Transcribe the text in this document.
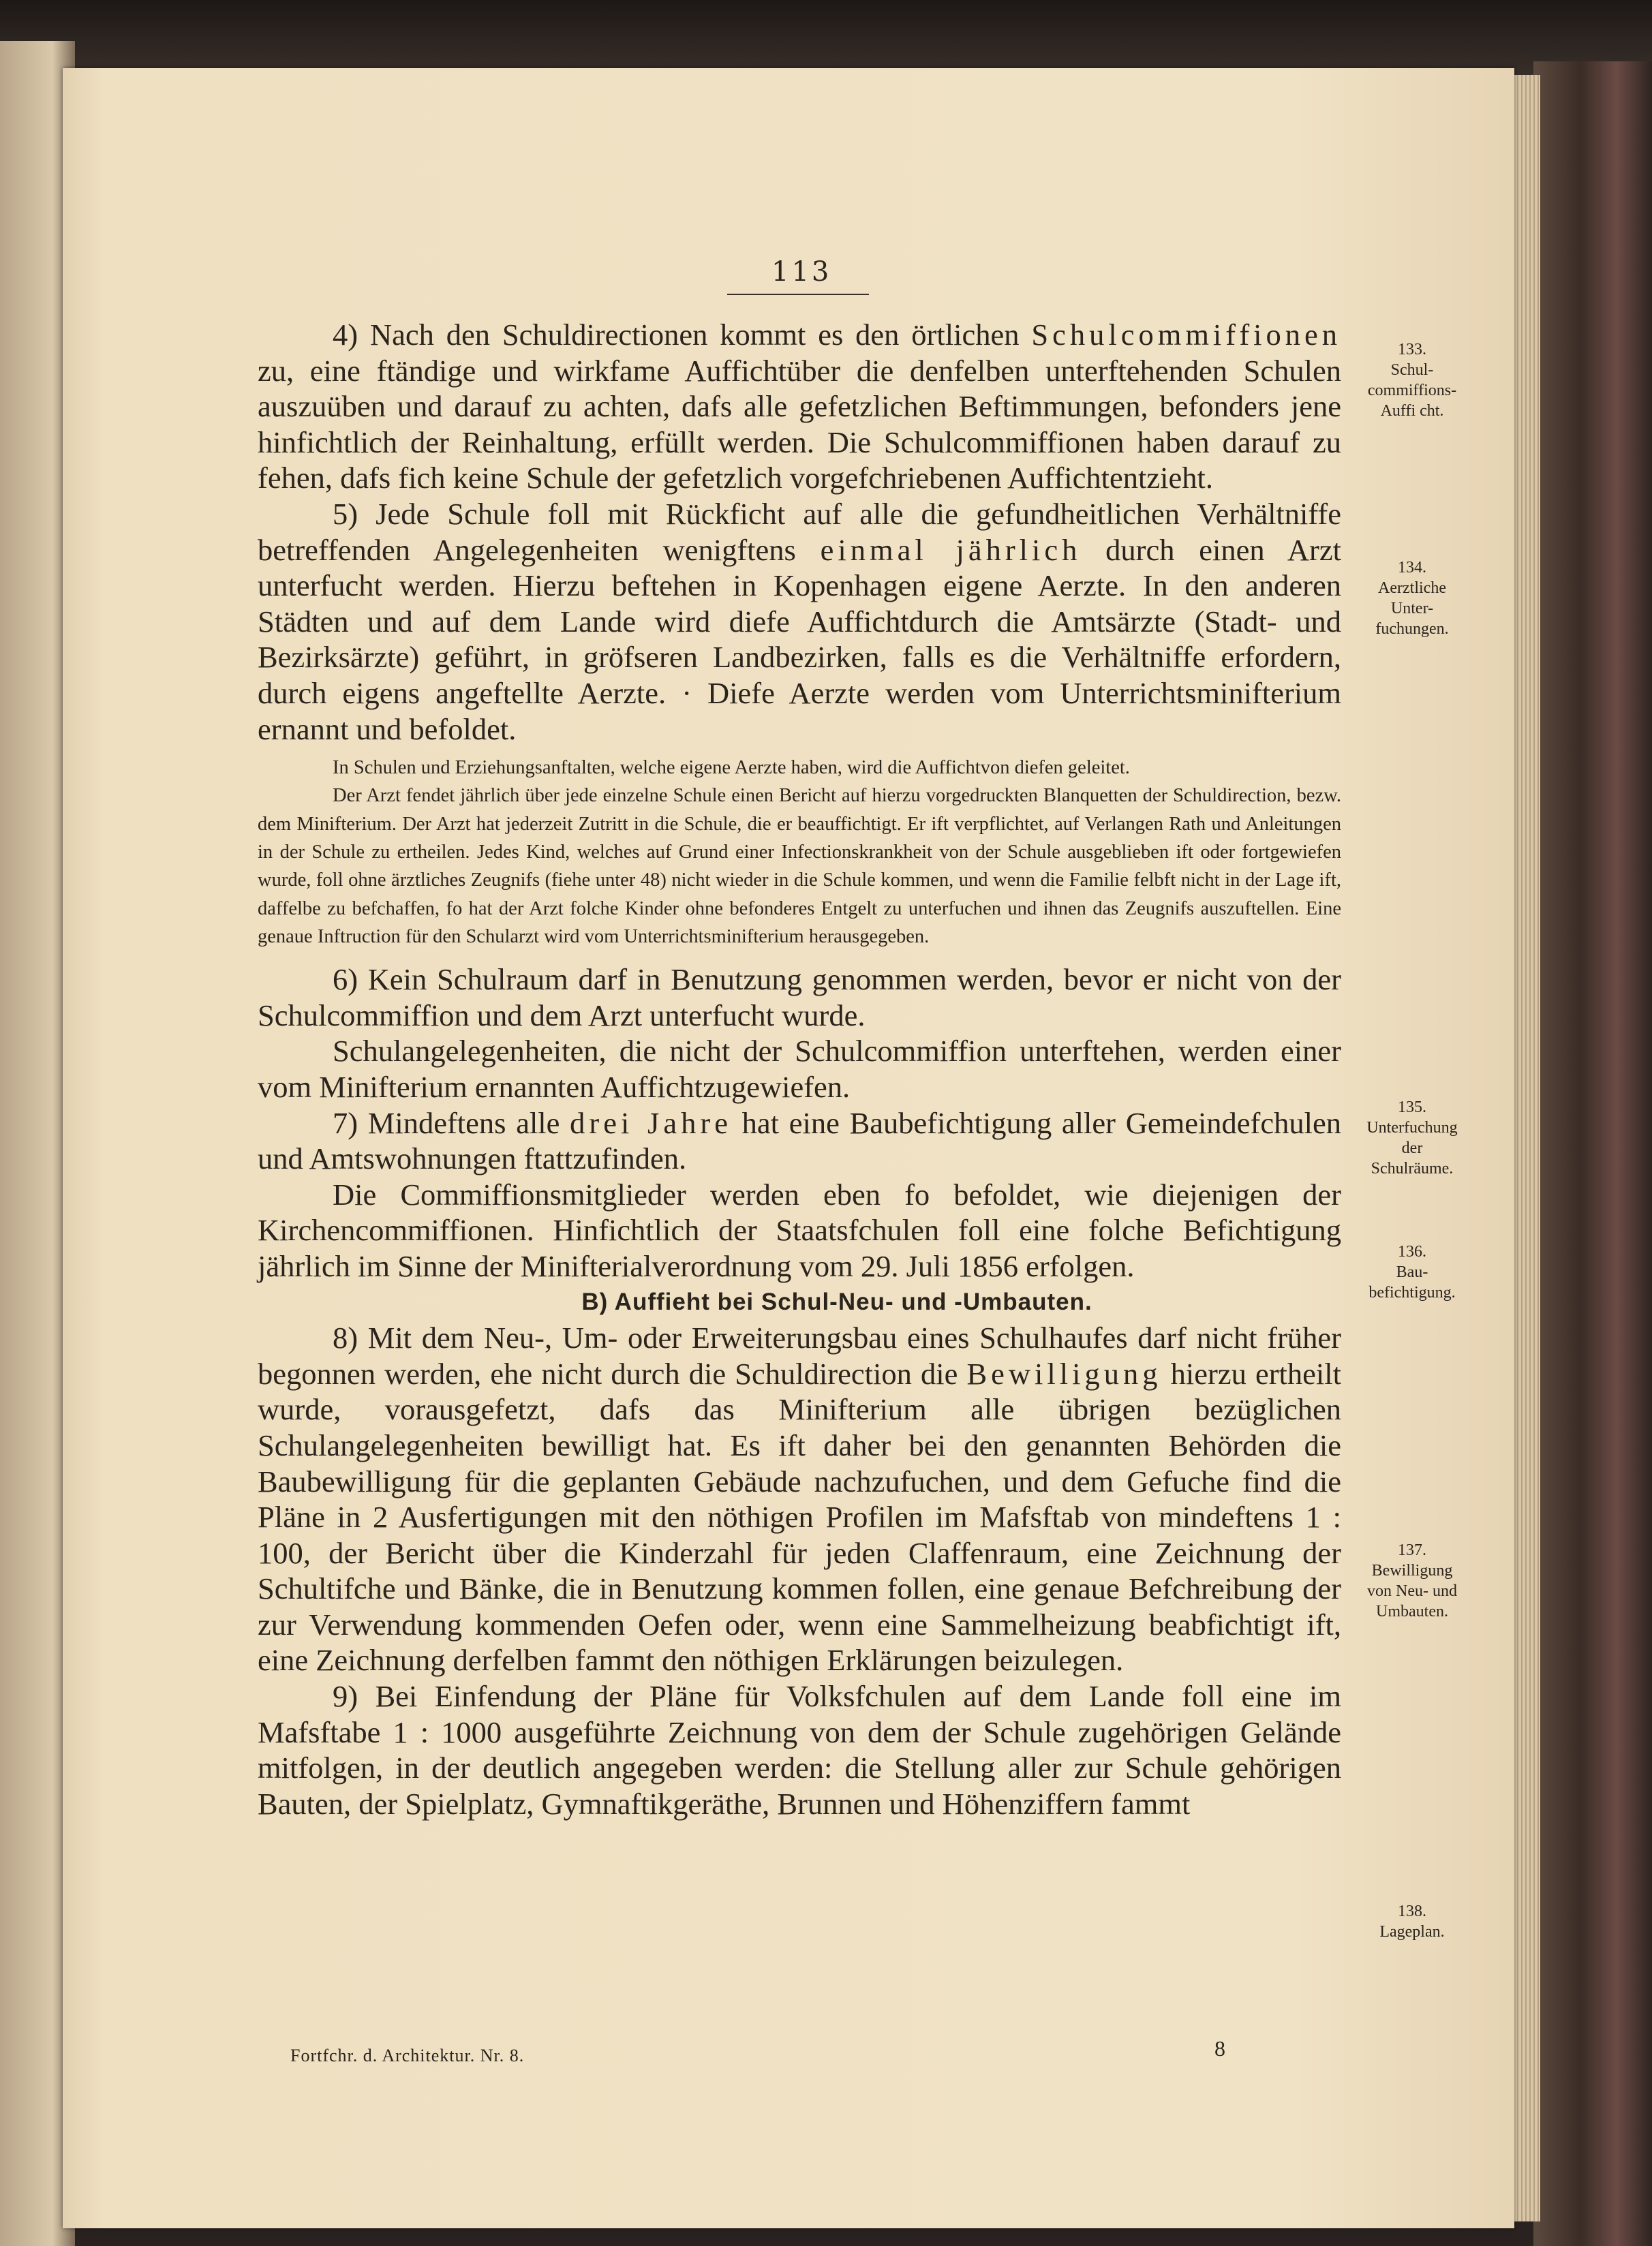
113

4) Nach den Schuldirectionen kommt es den örtlichen Schulcommiffionen zu, eine ftändige und wirkfame Auffichtüber die denfelben unterftehenden Schulen auszuüben und darauf zu achten, dafs alle gefetzlichen Beftimmungen, befonders jene hinfichtlich der Reinhaltung, erfüllt werden. Die Schulcommiffionen haben darauf zu fehen, dafs fich keine Schule der gefetzlich vorgefchriebenen Auffichtentzieht.

5) Jede Schule foll mit Rückficht auf alle die gefundheitlichen Verhältniffe betreffenden Angelegenheiten wenigftens einmal jährlich durch einen Arzt unterfucht werden. Hierzu beftehen in Kopenhagen eigene Aerzte. In den anderen Städten und auf dem Lande wird diefe Auffichtdurch die Amtsärzte (Stadt- und Bezirksärzte) geführt, in gröfseren Landbezirken, falls es die Verhältniffe erfordern, durch eigens angeftellte Aerzte. · Diefe Aerzte werden vom Unterrichtsminifterium ernannt und befoldet.

In Schulen und Erziehungsanftalten, welche eigene Aerzte haben, wird die Auffichtvon diefen geleitet.

Der Arzt fendet jährlich über jede einzelne Schule einen Bericht auf hierzu vorgedruckten Blanquetten der Schuldirection, bezw. dem Minifterium. Der Arzt hat jederzeit Zutritt in die Schule, die er beauffichtigt. Er ift verpflichtet, auf Verlangen Rath und Anleitungen in der Schule zu ertheilen. Jedes Kind, welches auf Grund einer Infectionskrankheit von der Schule ausgeblieben ift oder fortgewiefen wurde, foll ohne ärztliches Zeugnifs (fiehe unter 48) nicht wieder in die Schule kommen, und wenn die Familie felbft nicht in der Lage ift, daffelbe zu befchaffen, fo hat der Arzt folche Kinder ohne befonderes Entgelt zu unterfuchen und ihnen das Zeugnifs auszuftellen. Eine genaue Inftruction für den Schularzt wird vom Unterrichtsminifterium herausgegeben.

6) Kein Schulraum darf in Benutzung genommen werden, bevor er nicht von der Schulcommiffion und dem Arzt unterfucht wurde.

Schulangelegenheiten, die nicht der Schulcommiffion unterftehen, werden einer vom Minifterium ernannten Auffichtzugewiefen.

7) Mindeftens alle drei Jahre hat eine Baubefichtigung aller Gemeindefchulen und Amtswohnungen ftattzufinden.

Die Commiffionsmitglieder werden eben fo befoldet, wie diejenigen der Kirchencommiffionen. Hinfichtlich der Staatsfchulen foll eine folche Befichtigung jährlich im Sinne der Minifterialverordnung vom 29. Juli 1856 erfolgen.

B) Auffieht bei Schul-Neu- und -Umbauten.

8) Mit dem Neu-, Um- oder Erweiterungsbau eines Schulhaufes darf nicht früher begonnen werden, ehe nicht durch die Schuldirection die Bewilligung hierzu ertheilt wurde, vorausgefetzt, dafs das Minifterium alle übrigen bezüglichen Schulangelegenheiten bewilligt hat. Es ift daher bei den genannten Behörden die Baubewilligung für die geplanten Gebäude nachzufuchen, und dem Gefuche find die Pläne in 2 Ausfertigungen mit den nöthigen Profilen im Mafsftab von mindeftens 1 : 100, der Bericht über die Kinderzahl für jeden Claffenraum, eine Zeichnung der Schultifche und Bänke, die in Benutzung kommen follen, eine genaue Befchreibung der zur Verwendung kommenden Oefen oder, wenn eine Sammelheizung beabfichtigt ift, eine Zeichnung derfelben fammt den nöthigen Erklärungen beizulegen.

9) Bei Einfendung der Pläne für Volksfchulen auf dem Lande foll eine im Mafsftabe 1 : 1000 ausgeführte Zeichnung von dem der Schule zugehörigen Gelände mitfolgen, in der deutlich angegeben werden: die Stellung aller zur Schule gehörigen Bauten, der Spielplatz, Gymnaftikgeräthe, Brunnen und Höhenziffern fammt

133.
Schul-
commiffions-
Auffi cht.
134.
Aerztliche
Unter-
fuchungen.
135.
Unterfuchung
der
Schulräume.
136.
Bau-
befichtigung.
137.
Bewilligung
von Neu- und
Umbauten.
138.
Lageplan.
Fortfchr. d. Architektur. Nr. 8.	8
